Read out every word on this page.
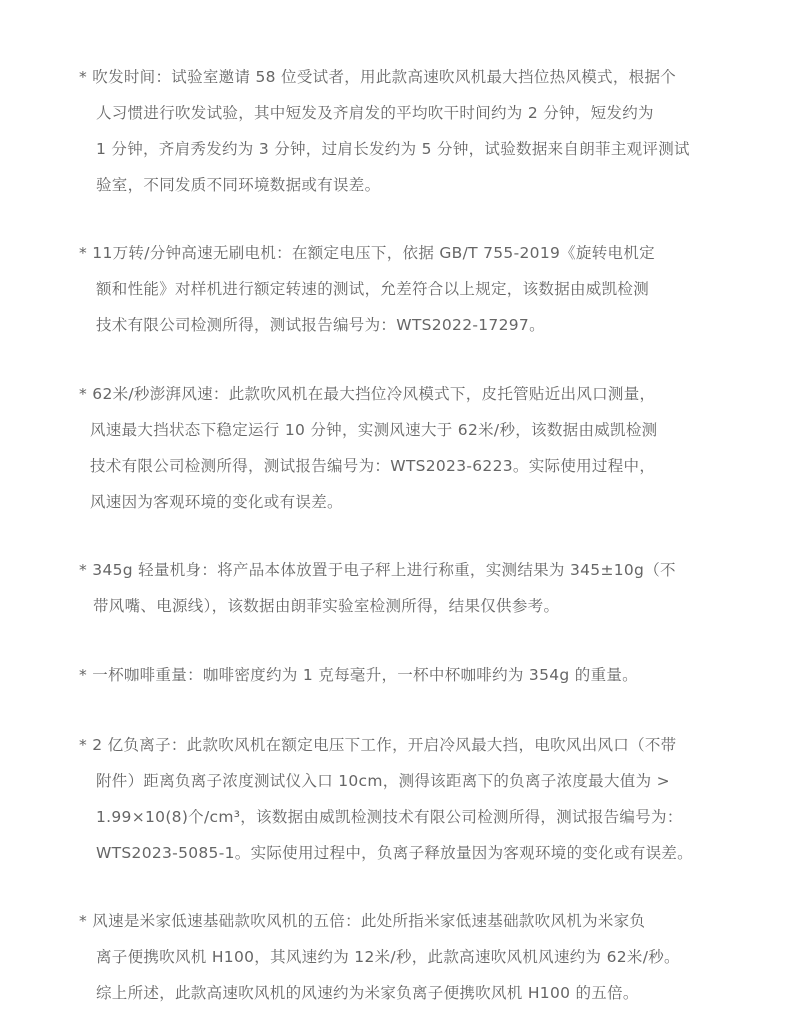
* 吹发时间：试验室邀请 58 位受试者，用此款高速吹风机最大挡位热风模式，根据个
人习惯进行吹发试验，其中短发及齐肩发的平均吹干时间约为 2 分钟，短发约为
1 分钟，齐肩秀发约为 3 分钟，过肩长发约为 5 分钟，试验数据来自朗菲主观评测试
验室，不同发质不同环境数据或有误差。
* 11万转/分钟高速无刷电机：在额定电压下，依据 GB/T 755-2019《旋转电机定
额和性能》对样机进行额定转速的测试，允差符合以上规定，该数据由威凯检测
技术有限公司检测所得，测试报告编号为：WTS2022-17297。
* 62米/秒澎湃风速：此款吹风机在最大挡位冷风模式下，皮托管贴近出风口测量，
风速最大挡状态下稳定运行 10 分钟，实测风速大于 62米/秒，该数据由威凯检测
技术有限公司检测所得，测试报告编号为：WTS2023-6223。实际使用过程中，
风速因为客观环境的变化或有误差。
* 345g 轻量机身：将产品本体放置于电子秤上进行称重，实测结果为 345±10g（不
带风嘴、电源线），该数据由朗菲实验室检测所得，结果仅供参考。
* 一杯咖啡重量：咖啡密度约为 1 克每毫升，一杯中杯咖啡约为 354g 的重量。
* 2 亿负离子：此款吹风机在额定电压下工作，开启冷风最大挡，电吹风出风口（不带
附件）距离负离子浓度测试仪入口 10cm，测得该距离下的负离子浓度最大值为 >
1.99×10(8)个/cm³，该数据由威凯检测技术有限公司检测所得，测试报告编号为：
WTS2023-5085-1。实际使用过程中，负离子释放量因为客观环境的变化或有误差。
* 风速是米家低速基础款吹风机的五倍：此处所指米家低速基础款吹风机为米家负
离子便携吹风机 H100，其风速约为 12米/秒，此款高速吹风机风速约为 62米/秒。
综上所述，此款高速吹风机的风速约为米家负离子便携吹风机 H100 的五倍。
